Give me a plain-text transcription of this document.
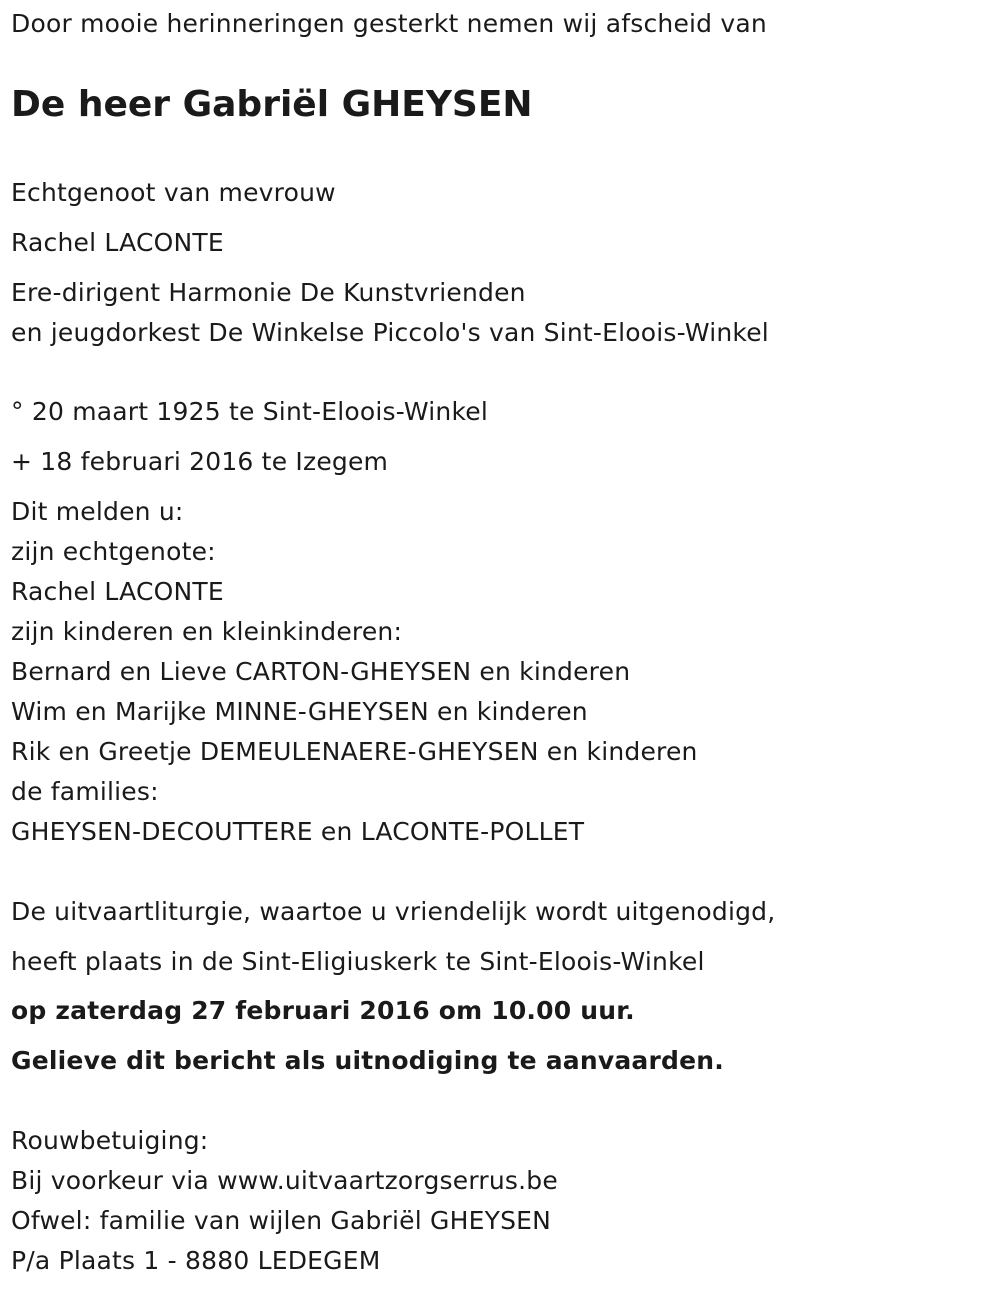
Door mooie herinneringen gesterkt nemen wij afscheid van
De heer Gabriël GHEYSEN
Echtgenoot van mevrouw
Rachel LACONTE
Ere-dirigent Harmonie De Kunstvrienden
en jeugdorkest De Winkelse Piccolo's van Sint-Eloois-Winkel
° 20 maart 1925 te Sint-Eloois-Winkel
+ 18 februari 2016 te Izegem
Dit melden u:
zijn echtgenote:
Rachel LACONTE
zijn kinderen en kleinkinderen:
Bernard en Lieve CARTON-GHEYSEN en kinderen
Wim en Marijke MINNE-GHEYSEN en kinderen
Rik en Greetje DEMEULENAERE-GHEYSEN en kinderen
de families:
GHEYSEN-DECOUTTERE en LACONTE-POLLET
De uitvaartliturgie, waartoe u vriendelijk wordt uitgenodigd,
heeft plaats in de Sint-Eligiuskerk te Sint-Eloois-Winkel
op zaterdag 27 februari 2016 om 10.00 uur.
Gelieve dit bericht als uitnodiging te aanvaarden.
Rouwbetuiging:
Bij voorkeur via www.uitvaartzorgserrus.be
Ofwel: familie van wijlen Gabriël GHEYSEN
P/a Plaats 1 - 8880 LEDEGEM
